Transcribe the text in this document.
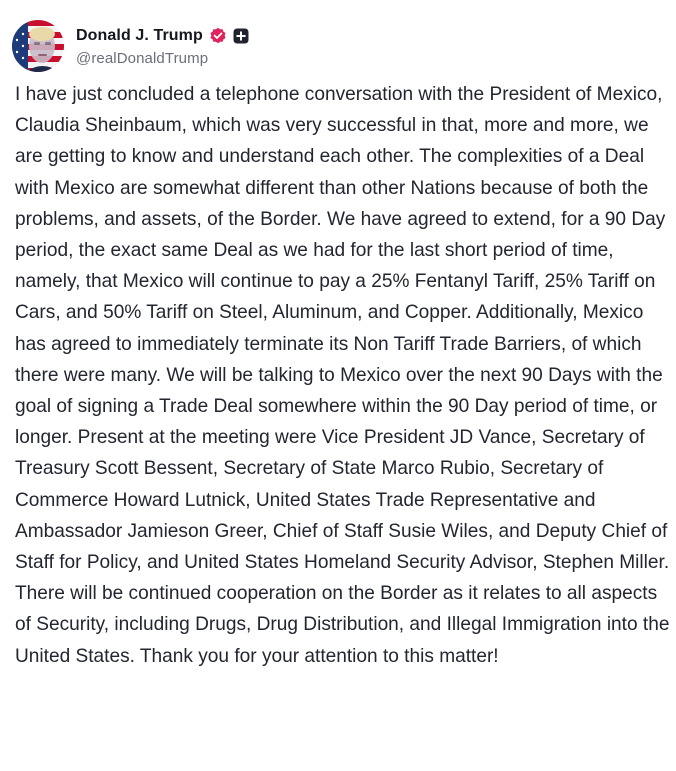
Donald J. Trump
@realDonaldTrump

I have just concluded a telephone conversation with the President of Mexico, Claudia Sheinbaum, which was very successful in that, more and more, we are getting to know and understand each other. The complexities of a Deal with Mexico are somewhat different than other Nations because of both the problems, and assets, of the Border. We have agreed to extend, for a 90 Day period, the exact same Deal as we had for the last short period of time, namely, that Mexico will continue to pay a 25% Fentanyl Tariff, 25% Tariff on Cars, and 50% Tariff on Steel, Aluminum, and Copper. Additionally, Mexico has agreed to immediately terminate its Non Tariff Trade Barriers, of which there were many. We will be talking to Mexico over the next 90 Days with the goal of signing a Trade Deal somewhere within the 90 Day period of time, or longer. Present at the meeting were Vice President JD Vance, Secretary of Treasury Scott Bessent, Secretary of State Marco Rubio, Secretary of Commerce Howard Lutnick, United States Trade Representative and Ambassador Jamieson Greer, Chief of Staff Susie Wiles, and Deputy Chief of Staff for Policy, and United States Homeland Security Advisor, Stephen Miller. There will be continued cooperation on the Border as it relates to all aspects of Security, including Drugs, Drug Distribution, and Illegal Immigration into the United States. Thank you for your attention to this matter!
